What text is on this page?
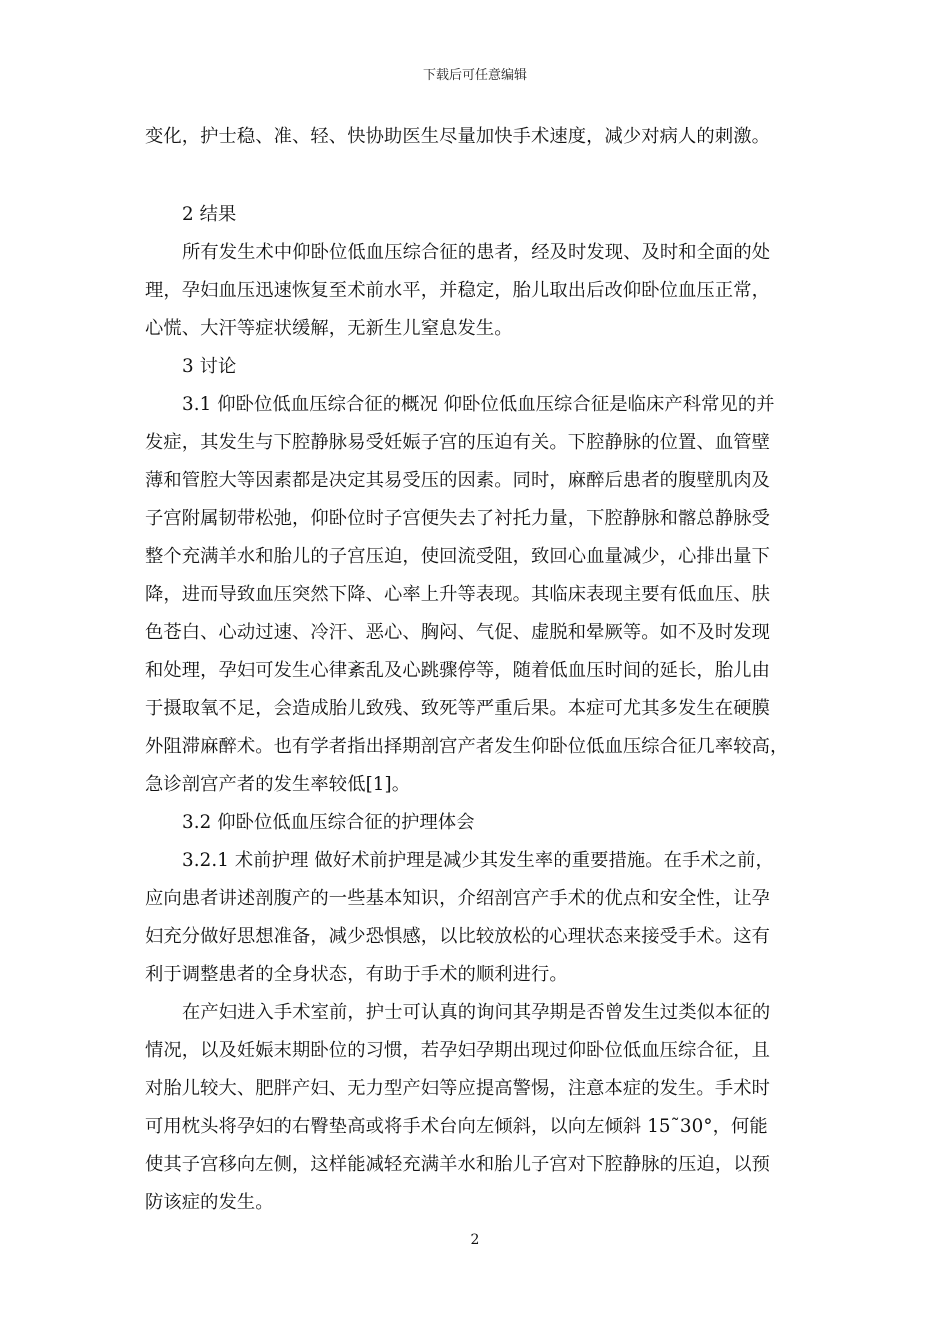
下载后可任意编辑
变化，护士稳、准、轻、快协助医生尽量加快手术速度，减少对病人的刺激。
2 结果
所有发生术中仰卧位低血压综合征的患者，经及时发现、及时和全面的处
理，孕妇血压迅速恢复至术前水平，并稳定，胎儿取出后改仰卧位血压正常，
心慌、大汗等症状缓解，无新生儿窒息发生。
3 讨论
3.1 仰卧位低血压综合征的概况 仰卧位低血压综合征是临床产科常见的并
发症，其发生与下腔静脉易受妊娠子宫的压迫有关。下腔静脉的位置、血管壁
薄和管腔大等因素都是决定其易受压的因素。同时，麻醉后患者的腹壁肌肉及
子宫附属韧带松弛，仰卧位时子宫便失去了衬托力量，下腔静脉和髂总静脉受
整个充满羊水和胎儿的子宫压迫，使回流受阻，致回心血量减少，心排出量下
降，进而导致血压突然下降、心率上升等表现。其临床表现主要有低血压、肤
色苍白、心动过速、冷汗、恶心、胸闷、气促、虚脱和晕厥等。如不及时发现
和处理，孕妇可发生心律紊乱及心跳骤停等，随着低血压时间的延长，胎儿由
于摄取氧不足，会造成胎儿致残、致死等严重后果。本症可尤其多发生在硬膜
外阻滞麻醉术。也有学者指出择期剖宫产者发生仰卧位低血压综合征几率较高，
急诊剖宫产者的发生率较低[1]。
3.2 仰卧位低血压综合征的护理体会
3.2.1 术前护理 做好术前护理是减少其发生率的重要措施。在手术之前，
应向患者讲述剖腹产的一些基本知识，介绍剖宫产手术的优点和安全性，让孕
妇充分做好思想准备，减少恐惧感，以比较放松的心理状态来接受手术。这有
利于调整患者的全身状态，有助于手术的顺利进行。
在产妇进入手术室前，护士可认真的询问其孕期是否曾发生过类似本征的
情况，以及妊娠末期卧位的习惯，若孕妇孕期出现过仰卧位低血压综合征，且
对胎儿较大、肥胖产妇、无力型产妇等应提高警惕，注意本症的发生。手术时
可用枕头将孕妇的右臀垫高或将手术台向左倾斜，以向左倾斜 15˜30°，何能
使其子宫移向左侧，这样能减轻充满羊水和胎儿子宫对下腔静脉的压迫，以预
防该症的发生。
2
